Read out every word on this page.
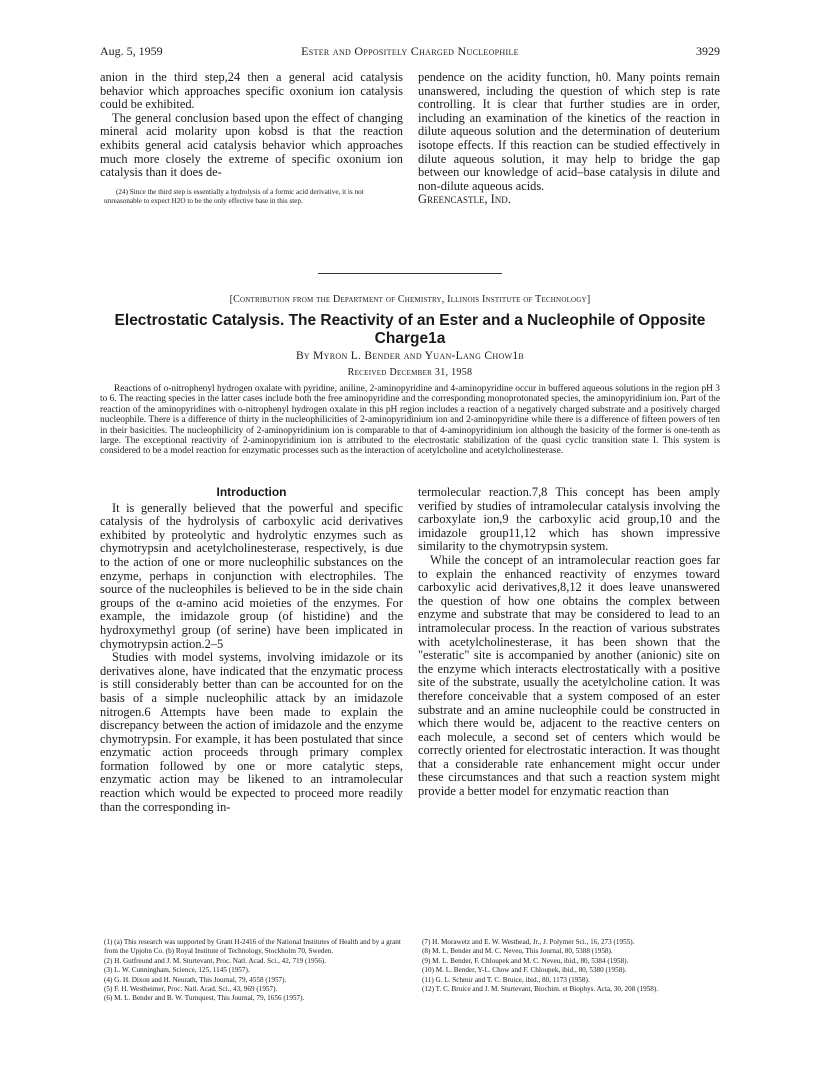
Aug. 5, 1959	Ester and Oppositely Charged Nucleophile	3929

anion in the third step,24 then a general acid catalysis behavior which approaches specific oxonium ion catalysis could be exhibited.

The general conclusion based upon the effect of changing mineral acid molarity upon kobsd is that the reaction exhibits general acid catalysis behavior which approaches much more closely the extreme of specific oxonium ion catalysis than it does de-

(24) Since the third step is essentially a hydrolysis of a formic acid derivative, it is not unreasonable to expect H2O to be the only effective base in this step.

pendence on the acidity function, h0. Many points remain unanswered, including the question of which step is rate controlling. It is clear that further studies are in order, including an examination of the kinetics of the reaction in dilute aqueous solution and the determination of deuterium isotope effects. If this reaction can be studied effectively in dilute aqueous solution, it may help to bridge the gap between our knowledge of acid–base catalysis in dilute and non-dilute aqueous acids.

Greencastle, Ind.

[Contribution from the Department of Chemistry, Illinois Institute of Technology]
Electrostatic Catalysis. The Reactivity of an Ester and a Nucleophile of Opposite Charge1a
By Myron L. Bender and Yuan-Lang Chow1b
Received December 31, 1958
Reactions of o-nitrophenyl hydrogen oxalate with pyridine, aniline, 2-aminopyridine and 4-aminopyridine occur in buffered aqueous solutions in the region pH 3 to 6. The reacting species in the latter cases include both the free aminopyridine and the corresponding monoprotonated species, the aminopyridinium ion. Part of the reaction of the aminopyridines with o-nitrophenyl hydrogen oxalate in this pH region includes a reaction of a negatively charged substrate and a positively charged nucleophile. There is a difference of thirty in the nucleophilicities of 2-aminopyridinium ion and 2-aminopyridine while there is a difference of fifteen powers of ten in their basicities. The nucleophilicity of 2-aminopyridinium ion is comparable to that of 4-aminopyridinium ion although the basicity of the former is one-tenth as large. The exceptional reactivity of 2-aminopyridinium ion is attributed to the electrostatic stabilization of the quasi cyclic transition state I. This system is considered to be a model reaction for enzymatic processes such as the interaction of acetylcholine and acetylcholinesterase.
Introduction

It is generally believed that the powerful and specific catalysis of the hydrolysis of carboxylic acid derivatives exhibited by proteolytic and hydrolytic enzymes such as chymotrypsin and acetylcholinesterase, respectively, is due to the action of one or more nucleophilic substances on the enzyme, perhaps in conjunction with electrophiles. The source of the nucleophiles is believed to be in the side chain groups of the α-amino acid moieties of the enzymes. For example, the imidazole group (of histidine) and the hydroxymethyl group (of serine) have been implicated in chymotrypsin action.2–5

Studies with model systems, involving imidazole or its derivatives alone, have indicated that the enzymatic process is still considerably better than can be accounted for on the basis of a simple nucleophilic attack by an imidazole nitrogen.6 Attempts have been made to explain the discrepancy between the action of imidazole and the enzyme chymotrypsin. For example, it has been postulated that since enzymatic action proceeds through primary complex formation followed by one or more catalytic steps, enzymatic action may be likened to an intramolecular reaction which would be expected to proceed more readily than the corresponding in-

termolecular reaction.7,8 This concept has been amply verified by studies of intramolecular catalysis involving the carboxylate ion,9 the carboxylic acid group,10 and the imidazole group11,12 which has shown impressive similarity to the chymotrypsin system.

While the concept of an intramolecular reaction goes far to explain the enhanced reactivity of enzymes toward carboxylic acid derivatives,8,12 it does leave unanswered the question of how one obtains the complex between enzyme and substrate that may be considered to lead to an intramolecular process. In the reaction of various substrates with acetylcholinesterase, it has been shown that the "esteratic" site is accompanied by another (anionic) site on the enzyme which interacts electrostatically with a positive site of the substrate, usually the acetylcholine cation. It was therefore conceivable that a system composed of an ester substrate and an amine nucleophile could be constructed in which there would be, adjacent to the reactive centers on each molecule, a second set of centers which would be correctly oriented for electrostatic interaction. It was thought that a considerable rate enhancement might occur under these circumstances and that such a reaction system might provide a better model for enzymatic reaction than

(1) (a) This research was supported by Grant H-2416 of the National Institutes of Health and by a grant from the Upjohn Co. (b) Royal Institute of Technology, Stockholm 70, Sweden.

(2) H. Gutfreund and J. M. Sturtevant, Proc. Natl. Acad. Sci., 42, 719 (1956).

(3) L. W. Cunningham, Science, 125, 1145 (1957).

(4) G. H. Dixon and H. Neurath, This Journal, 79, 4558 (1957).

(5) F. H. Westheimer, Proc. Natl. Acad. Sci., 43, 969 (1957).

(6) M. L. Bender and B. W. Turnquest, This Journal, 79, 1656 (1957).

(7) H. Morawetz and E. W. Westhead, Jr., J. Polymer Sci., 16, 273 (1955).

(8) M. L. Bender and M. C. Neveu, This Journal, 80, 5388 (1958).

(9) M. L. Bender, F. Chloupek and M. C. Neveu, ibid., 80, 5384 (1958).

(10) M. L. Bender, Y-L. Chow and F. Chloupek, ibid., 80, 5380 (1958).

(11) G. L. Schmir and T. C. Bruice, ibid., 80, 1173 (1958).

(12) T. C. Bruice and J. M. Sturtevant, Biochim. et Biophys. Acta, 30, 208 (1958).
